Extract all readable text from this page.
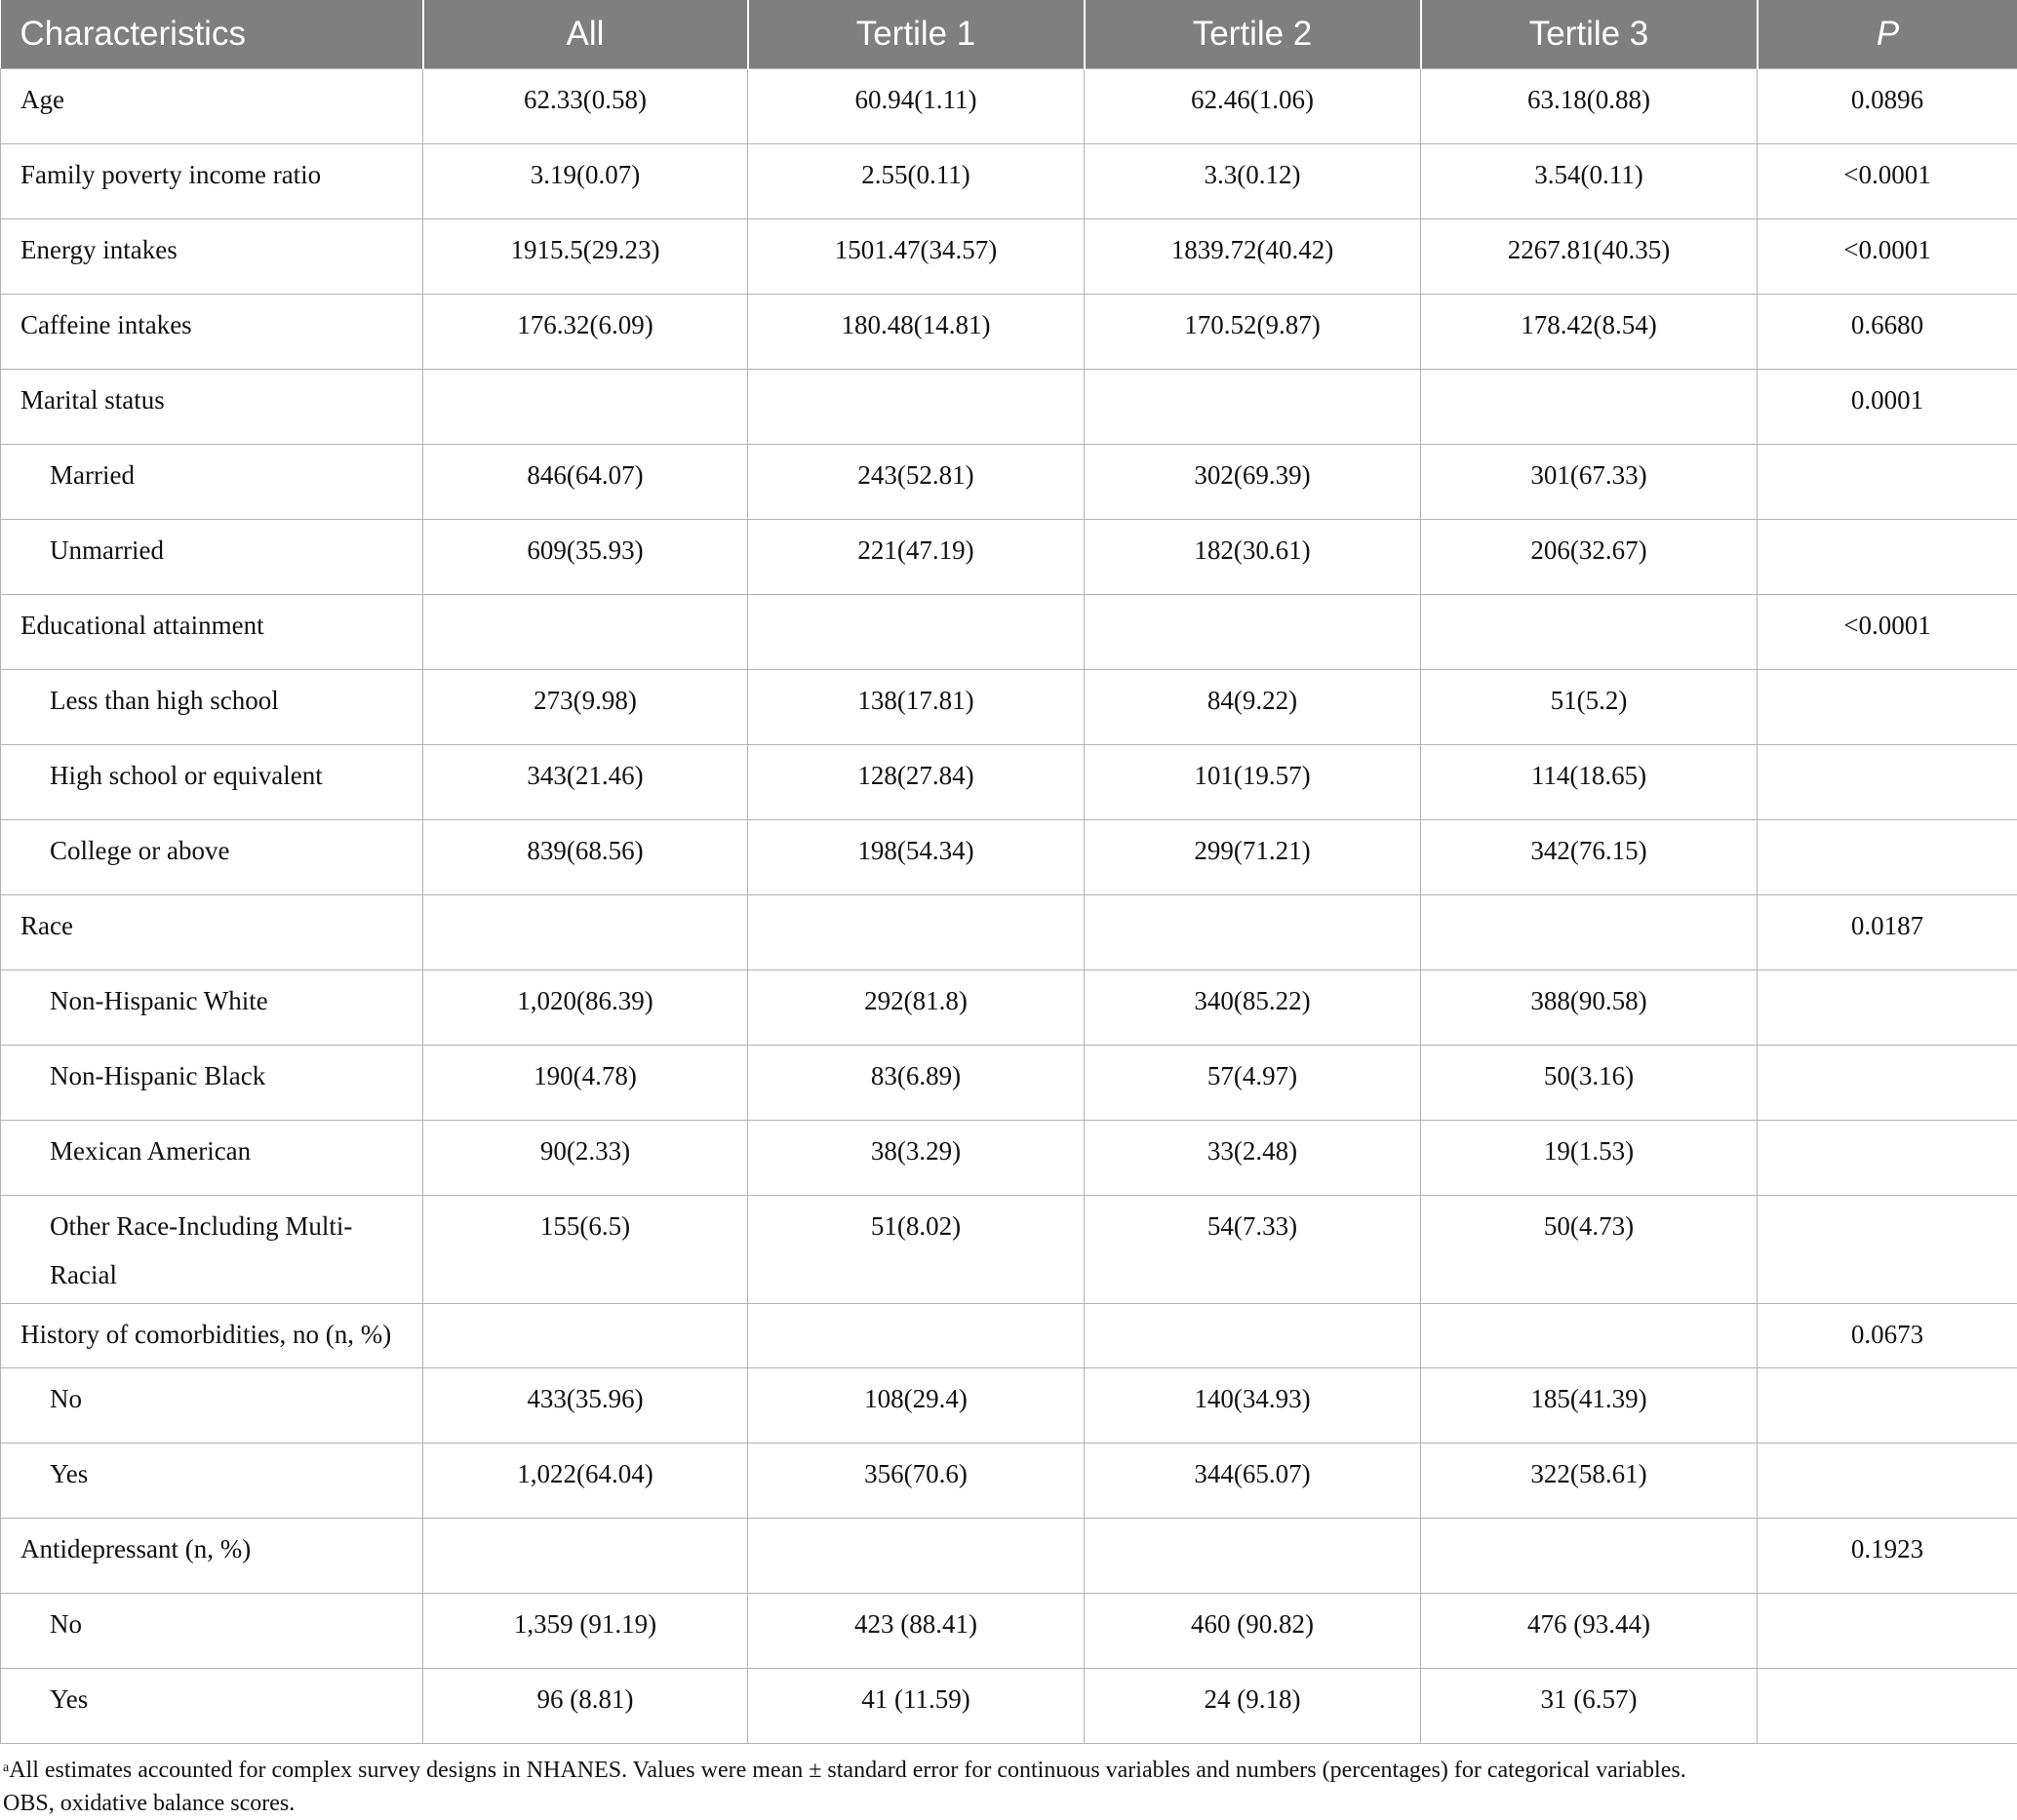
Characteristics	All	Tertile 1	Tertile 2	Tertile 3	P
Age	62.33(0.58)	60.94(1.11)	62.46(1.06)	63.18(0.88)	0.0896
Family poverty income ratio	3.19(0.07)	2.55(0.11)	3.3(0.12)	3.54(0.11)	<0.0001
Energy intakes	1915.5(29.23)	1501.47(34.57)	1839.72(40.42)	2267.81(40.35)	<0.0001
Caffeine intakes	176.32(6.09)	180.48(14.81)	170.52(9.87)	178.42(8.54)	0.6680
Marital status					0.0001
Married	846(64.07)	243(52.81)	302(69.39)	301(67.33)	
Unmarried	609(35.93)	221(47.19)	182(30.61)	206(32.67)	
Educational attainment					<0.0001
Less than high school	273(9.98)	138(17.81)	84(9.22)	51(5.2)	
High school or equivalent	343(21.46)	128(27.84)	101(19.57)	114(18.65)	
College or above	839(68.56)	198(54.34)	299(71.21)	342(76.15)	
Race					0.0187
Non-Hispanic White	1,020(86.39)	292(81.8)	340(85.22)	388(90.58)	
Non-Hispanic Black	190(4.78)	83(6.89)	57(4.97)	50(3.16)	
Mexican American	90(2.33)	38(3.29)	33(2.48)	19(1.53)	
Other Race-Including Multi-Racial	155(6.5)	51(8.02)	54(7.33)	50(4.73)	
History of comorbidities, no (n, %)					0.0673
No	433(35.96)	108(29.4)	140(34.93)	185(41.39)	
Yes	1,022(64.04)	356(70.6)	344(65.07)	322(58.61)	
Antidepressant (n, %)					0.1923
No	1,359 (91.19)	423 (88.41)	460 (90.82)	476 (93.44)	
Yes	96 (8.81)	41 (11.59)	24 (9.18)	31 (6.57)	
$^a$All estimates accounted for complex survey designs in NHANES. Values were mean ± standard error for continuous variables and numbers (percentages) for categorical variables.
OBS, oxidative balance scores.
